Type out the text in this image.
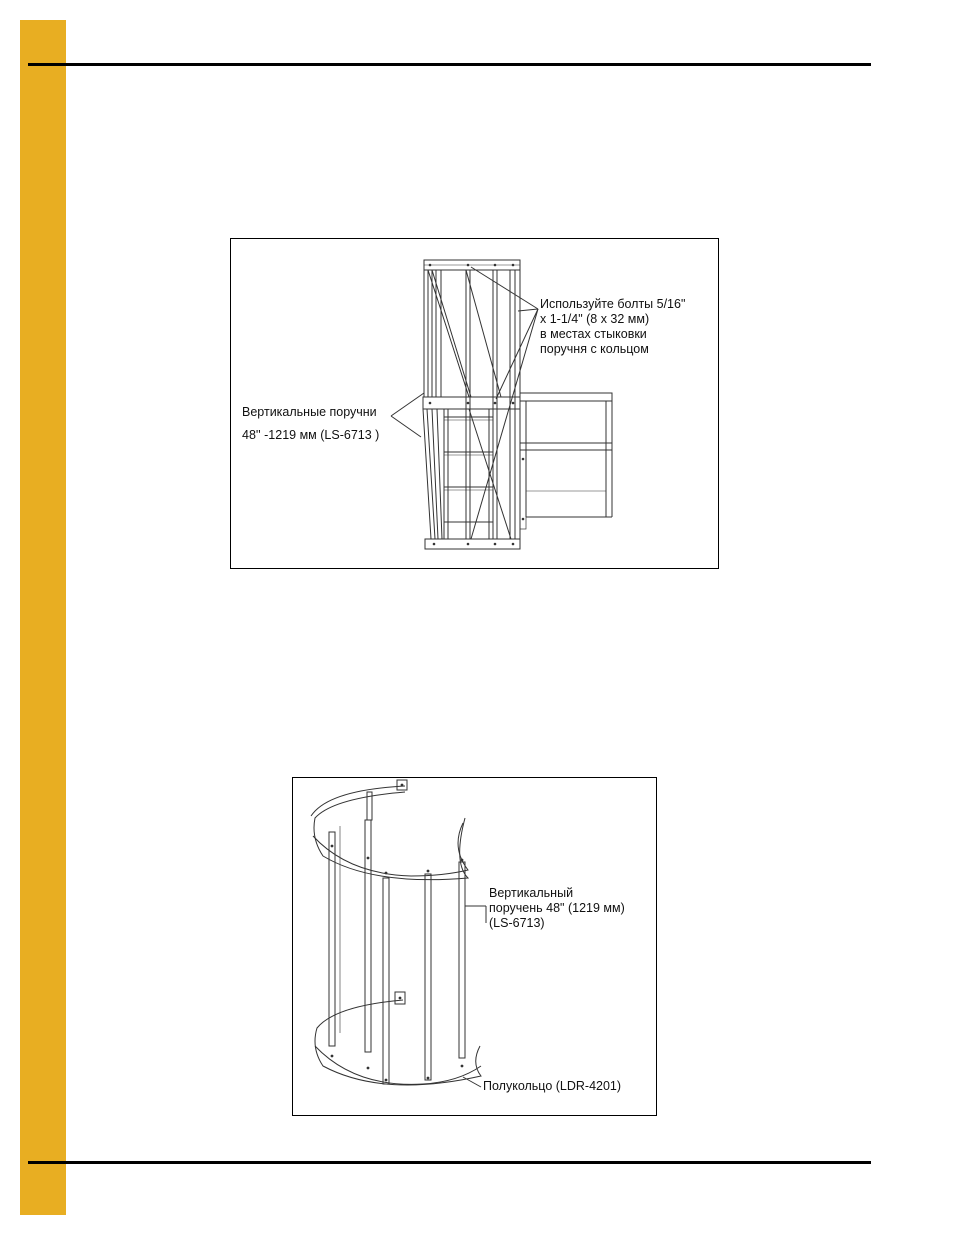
Используйте болты 5/16"
x 1-1/4" (8 x 32 мм)
в местах стыковки
поручня с кольцом
Вертикальные поручни
48'' -1219 мм (LS-6713 )
Вертикальный
поручень 48" (1219 мм)
(LS-6713)
Полукольцо (LDR-4201)
